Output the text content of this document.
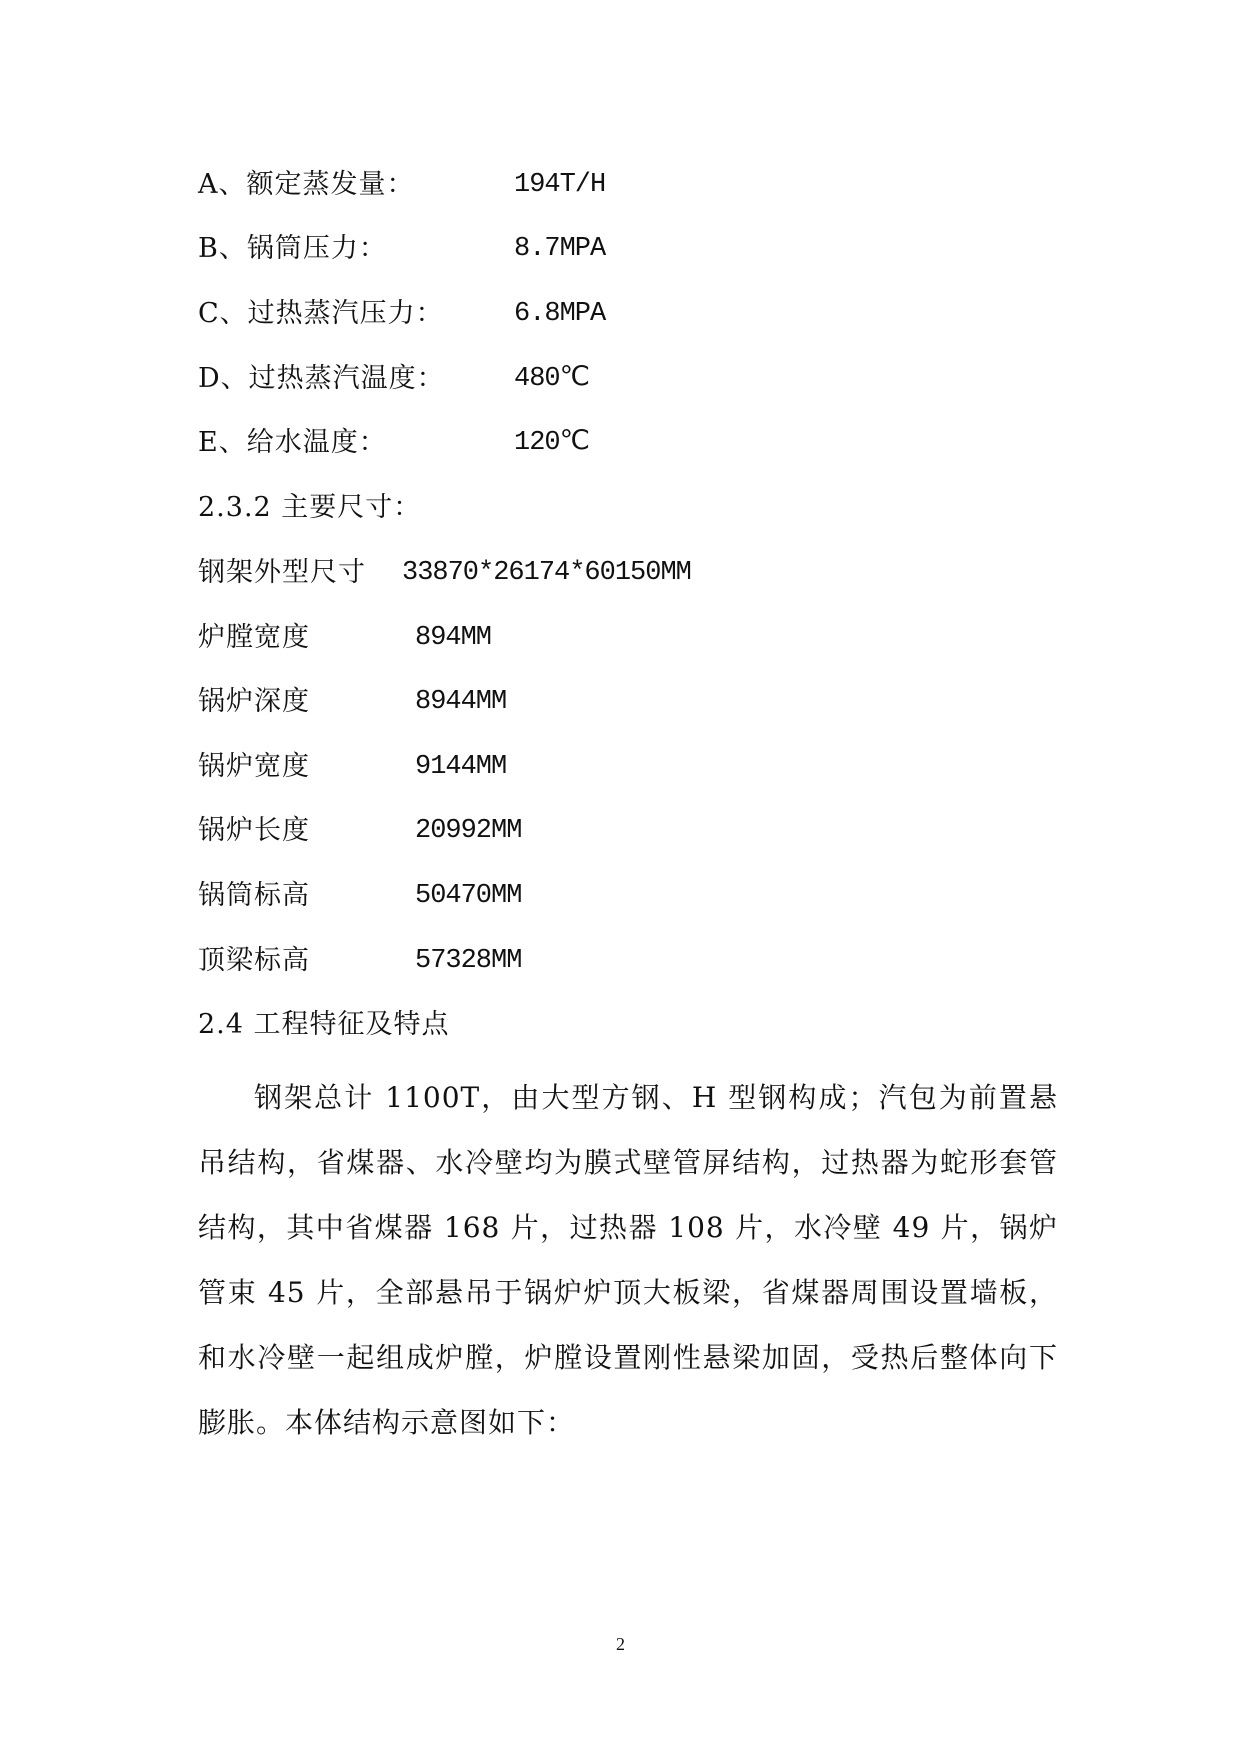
A、额定蒸发量：	194T/H
B、锅筒压力：	8.7MPA
C、过热蒸汽压力：	6.8MPA
D、过热蒸汽温度：	480℃
E、给水温度：	120℃
2.3.2 主要尺寸：
钢架外型尺寸 33870*26174*60150MM
炉膛宽度	894MM
锅炉深度	8944MM
锅炉宽度	9144MM
锅炉长度	20992MM
锅筒标高	50470MM
顶梁标高	57328MM
2.4 工程特征及特点
钢架总计 1100T，由大型方钢、H 型钢构成；汽包为前置悬吊结构，省煤器、水冷壁均为膜式壁管屏结构，过热器为蛇形套管结构，其中省煤器 168 片，过热器 108 片，水冷壁 49 片，锅炉管束 45 片，全部悬吊于锅炉炉顶大板梁，省煤器周围设置墙板，和水冷壁一起组成炉膛，炉膛设置刚性悬梁加固，受热后整体向下膨胀。本体结构示意图如下：
2
